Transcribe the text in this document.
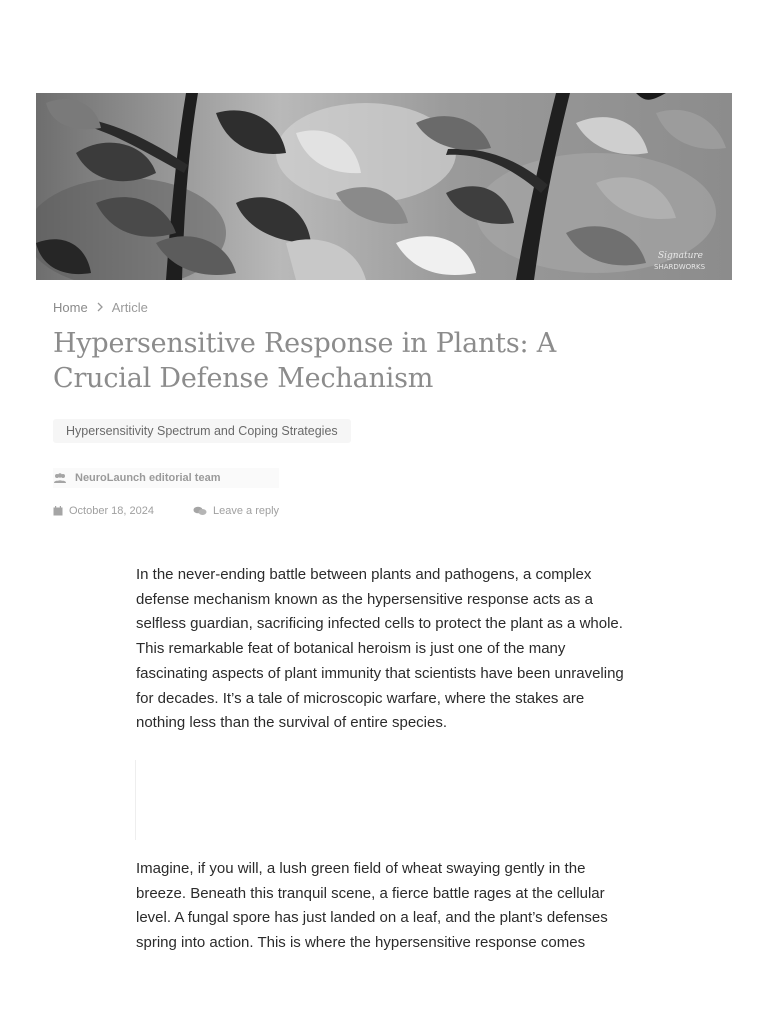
Signature
SHARDWORKS
Home Article
Hypersensitive Response in Plants: A Crucial Defense Mechanism
Hypersensitivity Spectrum and Coping Strategies
NeuroLaunch editorial team
October 18, 2024	Leave a reply

In the never-ending battle between plants and pathogens, a complex defense mechanism known as the hypersensitive response acts as a selfless guardian, sacrificing infected cells to protect the plant as a whole. This remarkable feat of botanical heroism is just one of the many fascinating aspects of plant immunity that scientists have been unraveling for decades. It’s a tale of microscopic warfare, where the stakes are nothing less than the survival of entire species.

Imagine, if you will, a lush green field of wheat swaying gently in the breeze. Beneath this tranquil scene, a fierce battle rages at the cellular level. A fungal spore has just landed on a leaf, and the plant’s defenses spring into action. This is where the hypersensitive response comes
